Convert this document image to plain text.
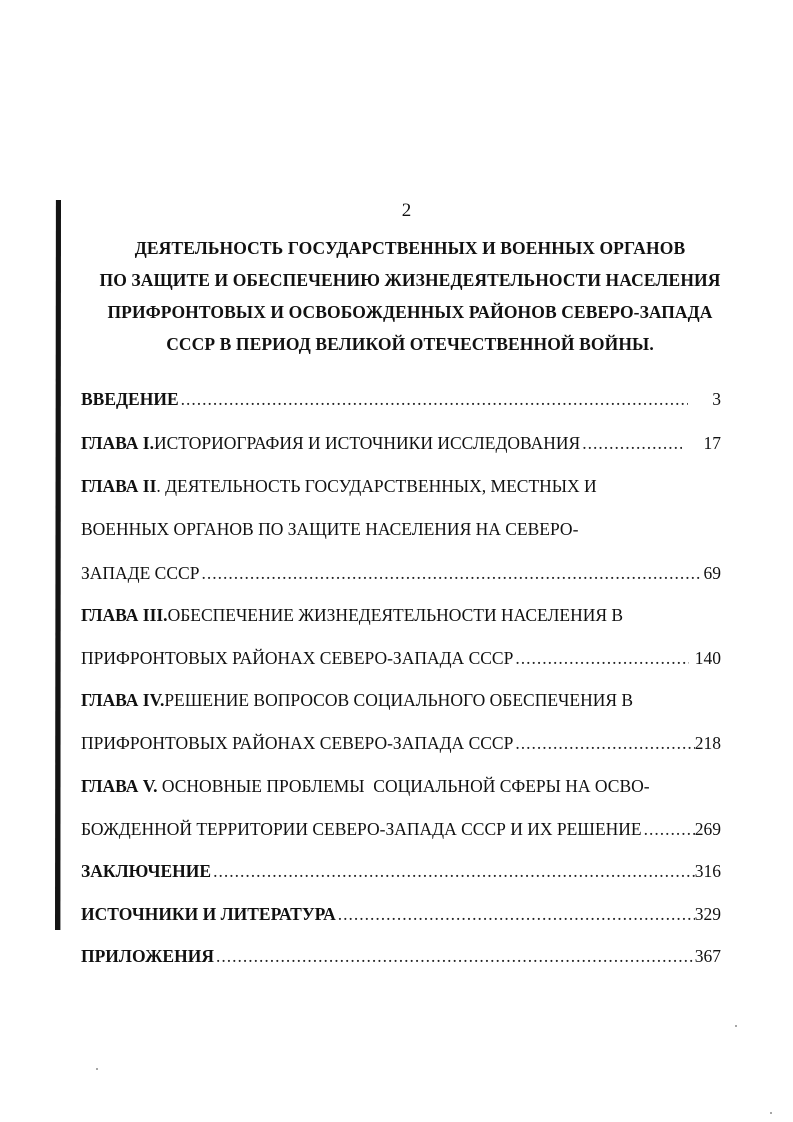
2
ДЕЯТЕЛЬНОСТЬ ГОСУДАРСТВЕННЫХ И ВОЕННЫХ ОРГАНОВ
ПО ЗАЩИТЕ И ОБЕСПЕЧЕНИЮ ЖИЗНЕДЕЯТЕЛЬНОСТИ НАСЕЛЕНИЯ
ПРИФРОНТОВЫХ И ОСВОБОЖДЕННЫХ РАЙОНОВ СЕВЕРО-ЗАПАДА
СССР В ПЕРИОД ВЕЛИКОЙ ОТЕЧЕСТВЕННОЙ ВОЙНЫ.
ВВЕДЕНИЕ .....	3
ГЛАВА I. ИСТОРИОГРАФИЯ И ИСТОЧНИКИ ИССЛЕДОВАНИЯ .....	17
ГЛАВА II . ДЕЯТЕЛЬНОСТЬ ГОСУДАРСТВЕННЫХ, МЕСТНЫХ И
ВОЕННЫХ ОРГАНОВ ПО ЗАЩИТЕ НАСЕЛЕНИЯ НА СЕВЕРО-
ЗАПАДЕ СССР .....	69
ГЛАВА III. ОБЕСПЕЧЕНИЕ ЖИЗНЕДЕЯТЕЛЬНОСТИ НАСЕЛЕНИЯ В
ПРИФРОНТОВЫХ РАЙОНАХ СЕВЕРО-ЗАПАДА СССР .....	140
ГЛАВА IV. РЕШЕНИЕ ВОПРОСОВ СОЦИАЛЬНОГО ОБЕСПЕЧЕНИЯ В
ПРИФРОНТОВЫХ РАЙОНАХ СЕВЕРО-ЗАПАДА СССР .....	218
ГЛАВА V. ОСНОВНЫЕ ПРОБЛЕМЫ  СОЦИАЛЬНОЙ СФЕРЫ НА ОСВО-
БОЖДЕННОЙ ТЕРРИТОРИИ СЕВЕРО-ЗАПАДА СССР И ИХ РЕШЕНИЕ .....	269
ЗАКЛЮЧЕНИЕ .....	316
ИСТОЧНИКИ И ЛИТЕРАТУРА .....	329
ПРИЛОЖЕНИЯ .....	367
